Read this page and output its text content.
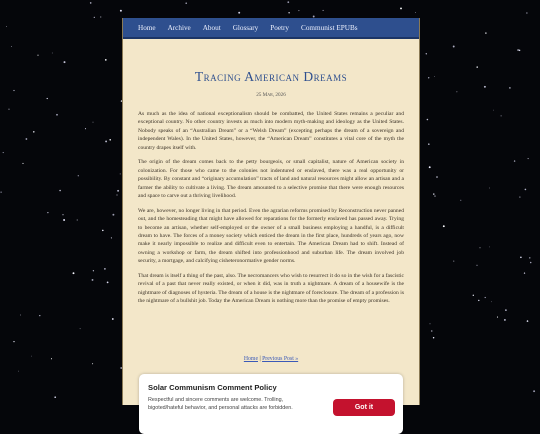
Home Archive About Glossary Poetry Communist EPUBs
Tracing American Dreams
25 Mar, 2026

As much as the idea of national exceptionalism should be combatted, the United States remains a peculiar and exceptional country. No other country invests as much into modern myth-making and ideology as the United States. Nobody speaks of an “Australian Dream” or a “Welsh Dream” (excepting perhaps the dream of a sovereign and independent Wales). In the United States, however, the “American Dream” constitutes a vital core of the myth the country drapes itself with.

The origin of the dream comes back to the petty bourgeois, or small capitalist, nature of American society in colonization. For those who came to the colonies not indentured or enslaved, there was a real opportunity or possibility. By constant and “originary accumulation” tracts of land and natural resources might allow an artisan and a farmer the ability to cultivate a living. The dream amounted to a selective promise that there were enough resources and space to carve out a thriving livelihood.

We are, however, no longer living in that period. Even the agrarian reforms promised by Reconstruction never panned out, and the homesteading that might have allowed for reparations for the formerly enslaved has passed away. Trying to become an artisan, whether self-employed or the owner of a small business employing a handful, is a difficult dream to have. The forces of a money society which enticed the dream in the first place, hundreds of years ago, now make it nearly impossible to realize and difficult even to entertain. The American Dream had to shift. Instead of owning a workshop or farm, the dream shifted into professionhood and suburban life. The dream involved job security, a mortgage, and calcifying cisheteronormative gender norms.

That dream is itself a thing of the past, also. The necromancers who wish to resurrect it do so in the wish for a fascistic revival of a past that never really existed, or when it did, was in truth a nightmare. A dream of a housewife is the nightmare of diagnoses of hysteria. The dream of a house is the nightmare of foreclosure. The dream of a profession is the nightmare of a bullshit job. Today the American Dream is nothing more than the promise of empty promises.

Home | Previous Post »
Solar Communism Comment Policy
Respectful and sincere comments are welcome. Trolling, bigoted/hateful behavior, and personal attacks are forbidden.	Got it
